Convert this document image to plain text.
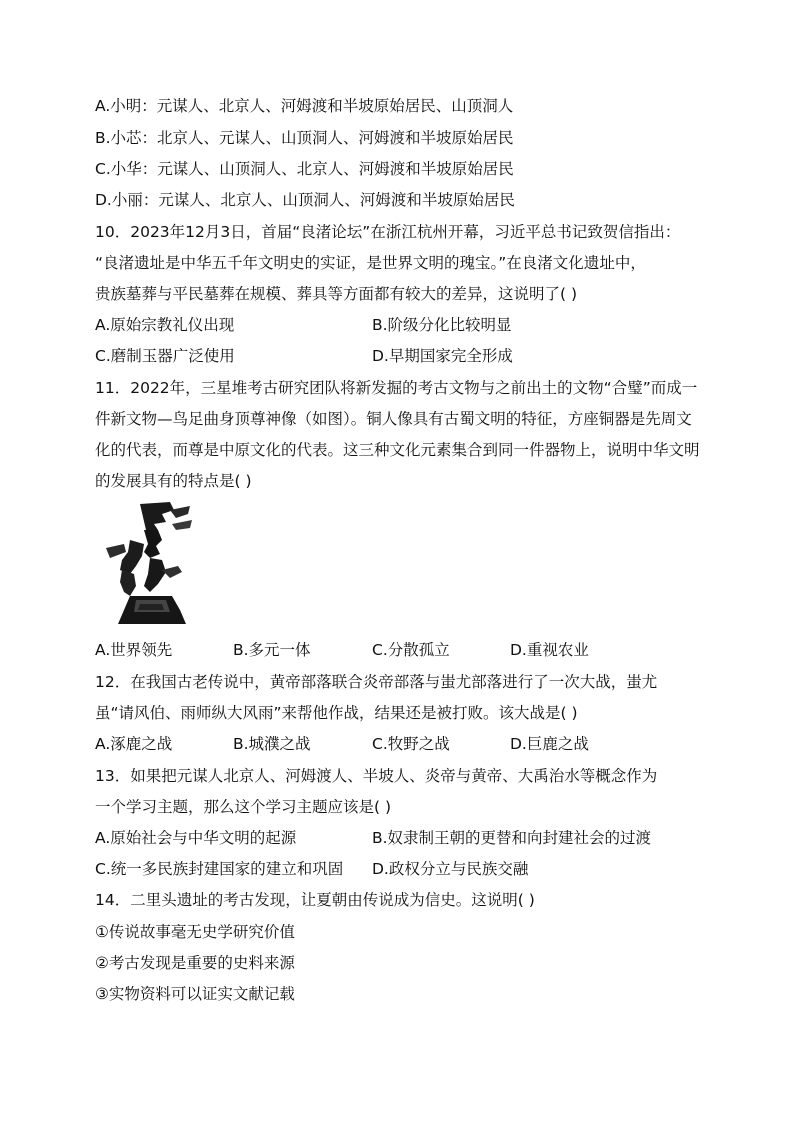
A.小明：元谋人、北京人、河姆渡和半坡原始居民、山顶洞人
B.小芯：北京人、元谋人、山顶洞人、河姆渡和半坡原始居民
C.小华：元谋人、山顶洞人、北京人、河姆渡和半坡原始居民
D.小丽：元谋人、北京人、山顶洞人、河姆渡和半坡原始居民
10．2023年12月3日，首届“良渚论坛”在浙江杭州开幕，习近平总书记致贺信指出：
“良渚遗址是中华五千年文明史的实证，是世界文明的瑰宝。”在良渚文化遗址中，
贵族墓葬与平民墓葬在规模、葬具等方面都有较大的差异，这说明了( )
A.原始宗教礼仪出现	B.阶级分化比较明显
C.磨制玉器广泛使用	D.早期国家完全形成
11．2022年，三星堆考古研究团队将新发掘的考古文物与之前出土的文物“合璧”而成一
件新文物—鸟足曲身顶尊神像（如图）。铜人像具有古蜀文明的特征，方座铜器是先周文
化的代表，而尊是中原文化的代表。这三种文化元素集合到同一件器物上，说明中华文明
的发展具有的特点是( )
A.世界领先	B.多元一体	C.分散孤立	D.重视农业
12．在我国古老传说中，黄帝部落联合炎帝部落与蚩尤部落进行了一次大战，蚩尤
虽“请风伯、雨师纵大风雨”来帮他作战，结果还是被打败。该大战是( )
A.涿鹿之战	B.城濮之战	C.牧野之战	D.巨鹿之战
13．如果把元谋人北京人、河姆渡人、半坡人、炎帝与黄帝、大禹治水等概念作为
一个学习主题，那么这个学习主题应该是( )
A.原始社会与中华文明的起源	B.奴隶制王朝的更替和向封建社会的过渡
C.统一多民族封建国家的建立和巩固 D.政权分立与民族交融
14．二里头遗址的考古发现，让夏朝由传说成为信史。这说明( )
①传说故事毫无史学研究价值
②考古发现是重要的史料来源
③实物资料可以证实文献记载
